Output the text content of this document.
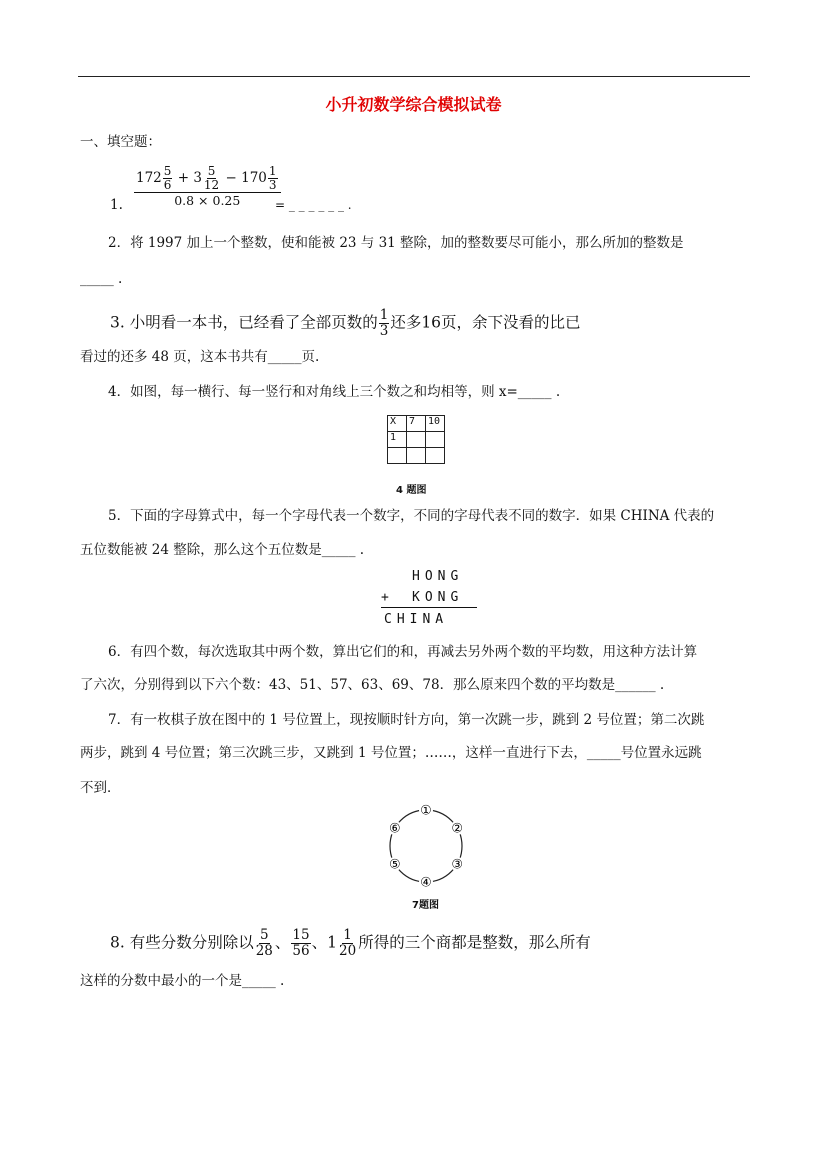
小升初数学综合模拟试卷
一、填空题：
1.
$172 \frac{5}{6} + 3 \frac{5}{12} - 170 \frac{1}{3}$
0.8 × 0.25	= _ _ _ _ _ _ .
2．将 1997 加上一个整数，使和能被 23 与 31 整除，加的整数要尽可能小，那么所加的整数是
_____ .
3. 小明看一本书，已经看了全部页数的 $\frac{1}{3}$ 还多16页，余下没看的比已
看过的还多 48 页，这本书共有_____页.
4．如图，每一横行、每一竖行和对角线上三个数之和均相等，则 x=_____ .
X	7	10
1		

4 题图
5．下面的字母算式中，每一个字母代表一个数字，不同的字母代表不同的数字．如果 CHINA 代表的
五位数能被 24 整除，那么这个五位数是_____ .
HONG
+ KONG
CHINA
6．有四个数，每次选取其中两个数，算出它们的和，再减去另外两个数的平均数，用这种方法计算
了六次，分别得到以下六个数：43、51、57、63、69、78．那么原来四个数的平均数是______ .
7．有一枚棋子放在图中的 1 号位置上，现按顺时针方向，第一次跳一步，跳到 2 号位置；第二次跳
两步，跳到 4 号位置；第三次跳三步，又跳到 1 号位置；……，这样一直进行下去，_____号位置永远跳
不到．
①
②
③
④
⑤
⑥
7题图
8. 有些分数分别除以 $\frac{5}{28}$ 、 $\frac{15}{56}$ 、$1 \frac{1}{20}$ 所得的三个商都是整数，那么所有
这样的分数中最小的一个是_____ .
